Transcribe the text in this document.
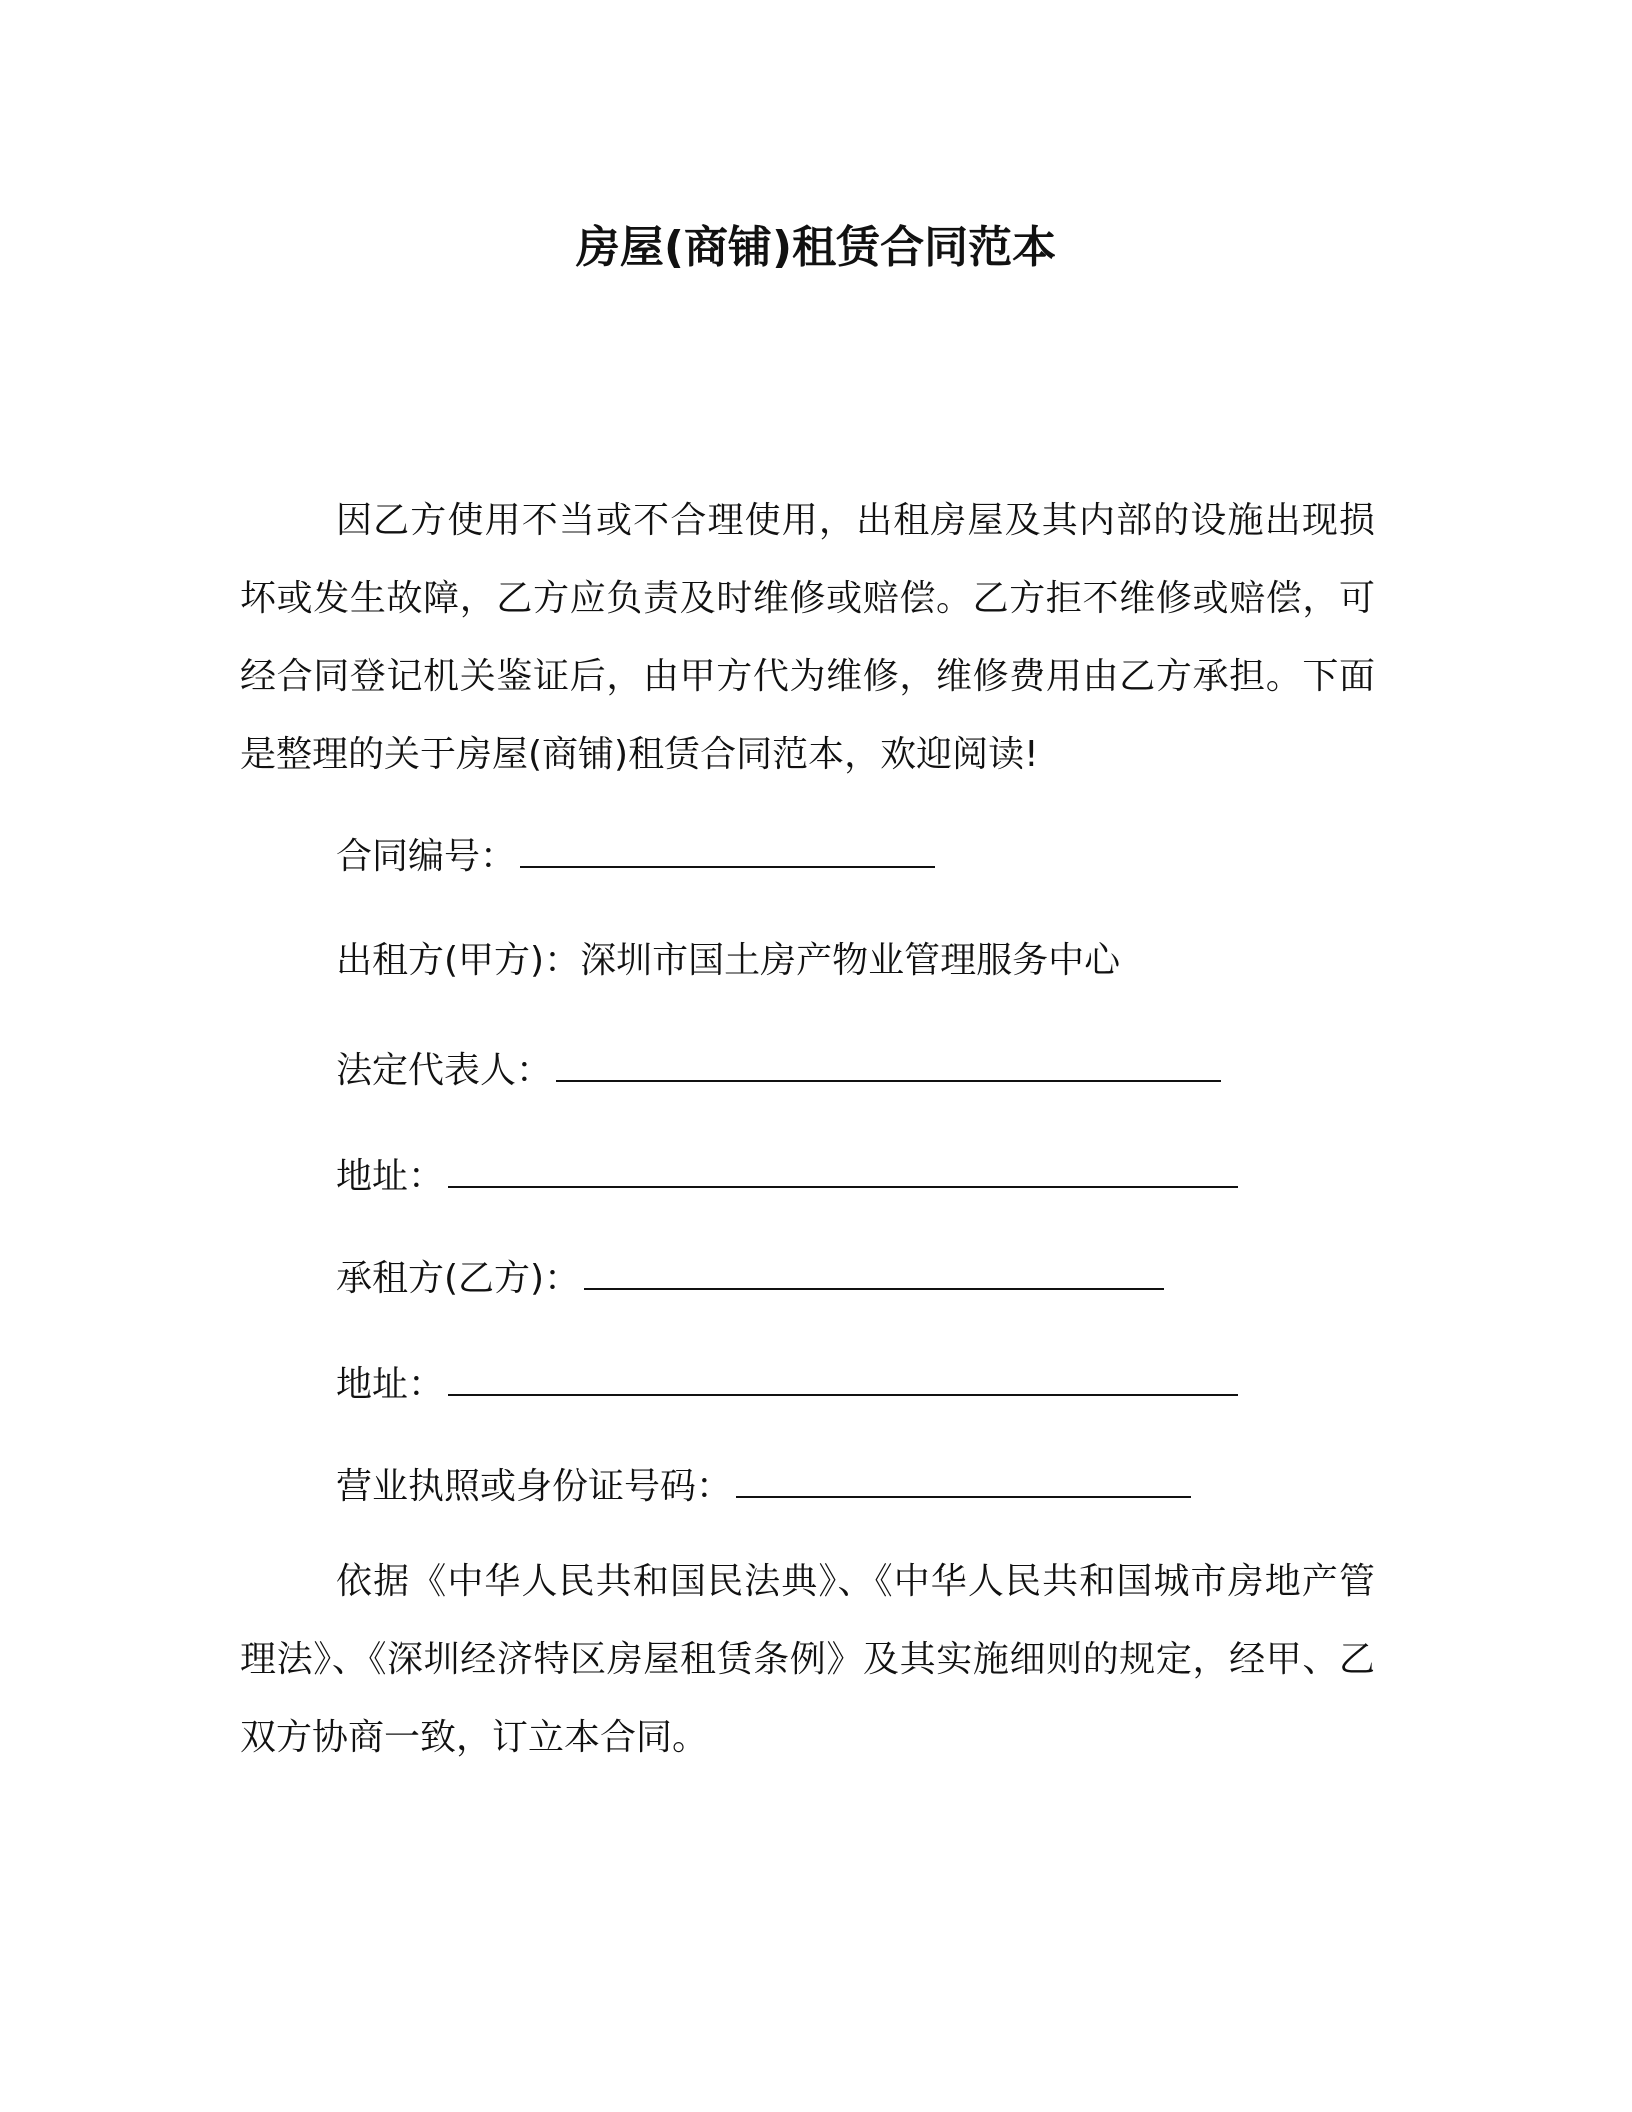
房屋(商铺)租赁合同范本

因乙方使用不当或不合理使用，出租房屋及其内部的设施出现损坏或发生故障，乙方应负责及时维修或赔偿。乙方拒不维修或赔偿，可经合同登记机关鉴证后，由甲方代为维修，维修费用由乙方承担。下面是整理的关于房屋(商铺)租赁合同范本，欢迎阅读!

合同编号：
出租方(甲方)：深圳市国土房产物业管理服务中心
法定代表人：
地址：
承租方(乙方)：
地址：
营业执照或身份证号码：

依据《中华人民共和国民法典》、《中华人民共和国城市房地产管理法》、《深圳经济特区房屋租赁条例》及其实施细则的规定，经甲、乙双方协商一致，订立本合同。
